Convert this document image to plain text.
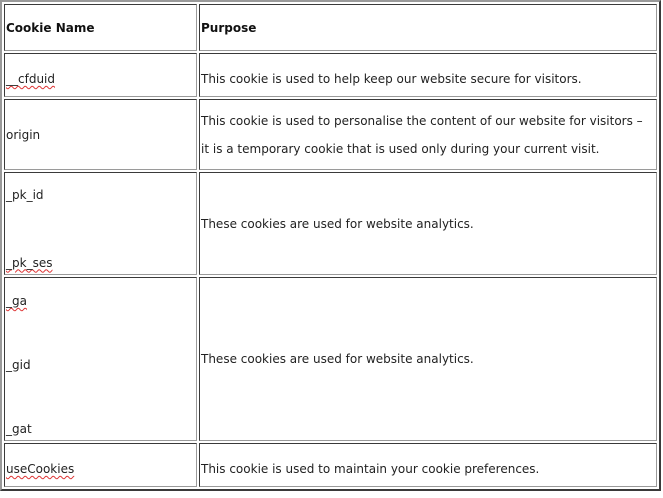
Cookie Name	Purpose
__cfduid	This cookie is used to help keep our website secure for visitors.
origin	This cookie is used to personalise the content of our website for visitors –
it is a temporary cookie that is used only during your current visit.

_pk_id
_pk_ses	These cookies are used for website analytics.

_ga
_gid
_gat	These cookies are used for website analytics.
useCookies	This cookie is used to maintain your cookie preferences.
